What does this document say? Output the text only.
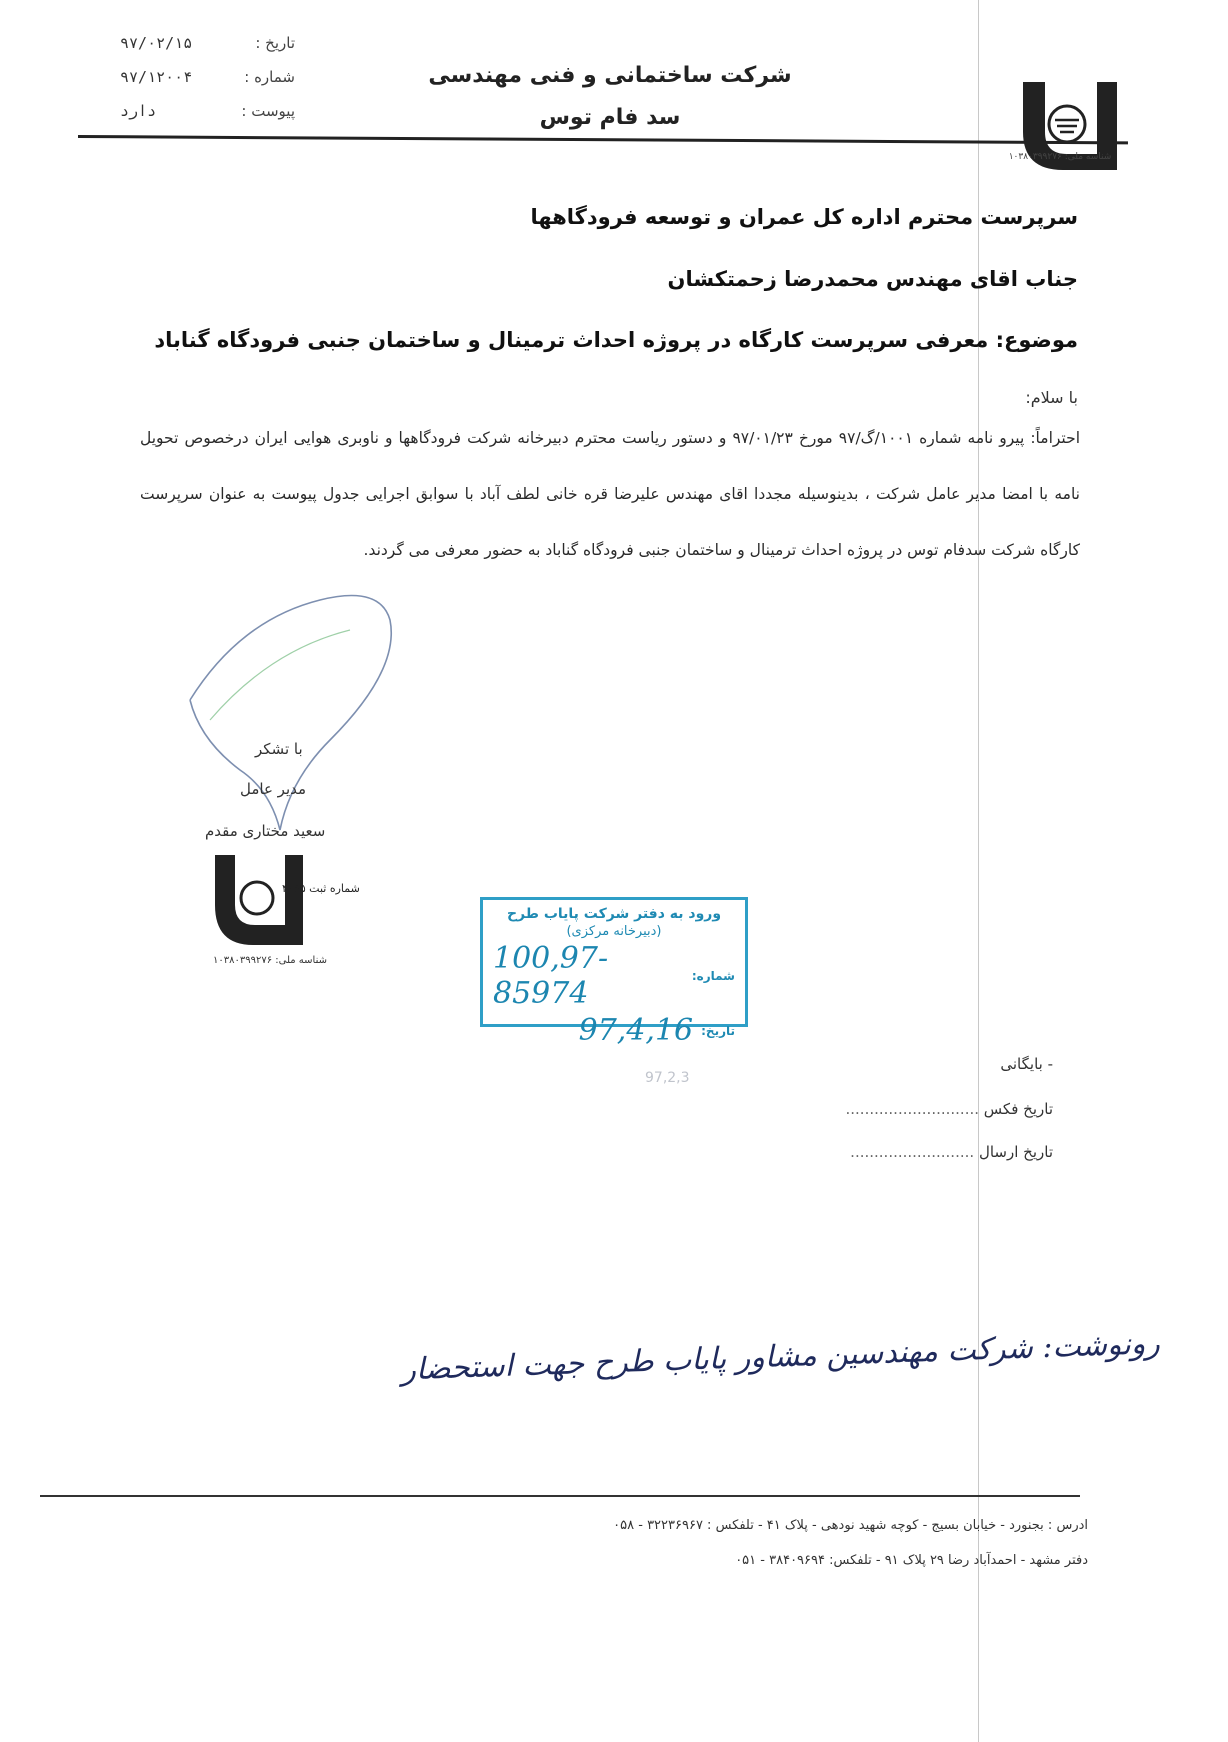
تاریخ :
۹۷/۰۲/۱۵
شماره :
۹۷/۱۲۰۰۴
پیوست :
دارد
شرکت ساختمانی و فنی مهندسی
سد فام توس
شناسه ملی: ۱۰۳۸۰۳۹۹۲۷۶
سرپرست محترم اداره کل عمران و توسعه فرودگاهها
جناب اقای مهندس محمدرضا زحمتکشان
موضوع: معرفی سرپرست کارگاه در پروژه احداث ترمینال و ساختمان جنبی فرودگاه گناباد
با سلام:
احتراماً: پیرو نامه شماره ۱۰۰۱/گ/۹۷ مورخ ۹۷/۰۱/۲۳ و دستور ریاست محترم دبیرخانه شرکت فرودگاهها و ناوبری هوایی ایران درخصوص تحویل نامه با امضا مدیر عامل شرکت ، بدینوسیله مجددا اقای مهندس علیرضا قره خانی لطف آباد با سوابق اجرایی جدول پیوست به عنوان سرپرست کارگاه شرکت سدفام توس در پروژه احداث ترمینال و ساختمان جنبی فرودگاه گناباد به حضور معرفی می گردند.
با تشکر
مدیر عامل
سعید مختاری مقدم
شماره ثبت ۴۰۶۵
شناسه ملی: ۱۰۳۸۰۳۹۹۲۷۶
ورود به دفتر شرکت پایاب طرح
(دبیرخانه مرکزی)
شماره:
100,97-85974
تاریخ:
97,4,16
- بایگانی
97,2,3
تاریخ فکس ............................
تاریخ ارسال ..........................
رونوشت: شرکت مهندسین مشاور پایاب طرح جهت استحضار
ادرس : بجنورد - خیابان بسیج - کوچه شهید نودهی - پلاک ۴۱ - تلفکس : ۳۲۲۳۶۹۶۷ - ۰۵۸
دفتر مشهد - احمدآباد رضا ۲۹ پلاک ۹۱ - تلفکس: ۳۸۴۰۹۶۹۴ - ۰۵۱
